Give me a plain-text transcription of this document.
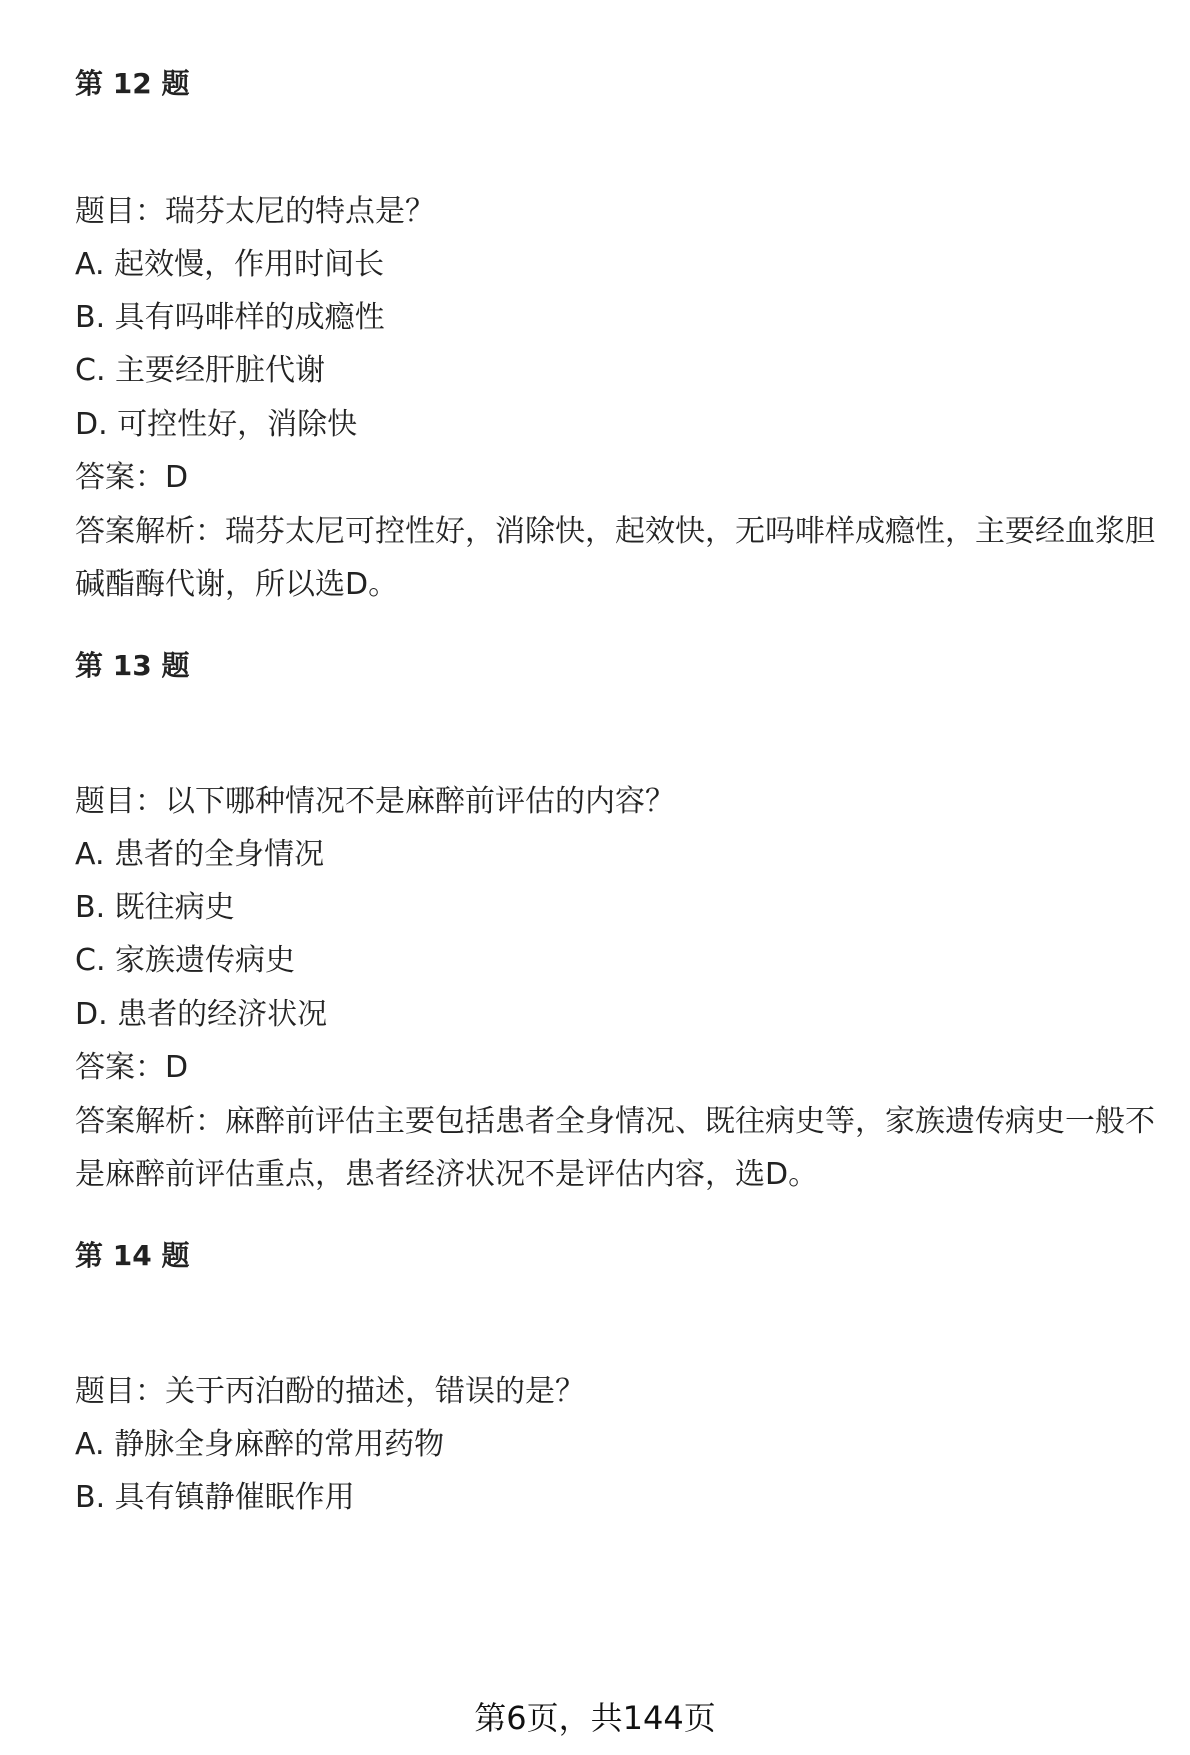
第 12 题
题目：瑞芬太尼的特点是？
A. 起效慢，作用时间长
B. 具有吗啡样的成瘾性
C. 主要经肝脏代谢
D. 可控性好，消除快
答案：D
答案解析：瑞芬太尼可控性好，消除快，起效快，无吗啡样成瘾性，主要经血浆胆
碱酯酶代谢，所以选D。
第 13 题
题目：以下哪种情况不是麻醉前评估的内容？
A. 患者的全身情况
B. 既往病史
C. 家族遗传病史
D. 患者的经济状况
答案：D
答案解析：麻醉前评估主要包括患者全身情况、既往病史等，家族遗传病史一般不
是麻醉前评估重点，患者经济状况不是评估内容，选D。
第 14 题
题目：关于丙泊酚的描述，错误的是？
A. 静脉全身麻醉的常用药物
B. 具有镇静催眠作用
第6页，共144页
